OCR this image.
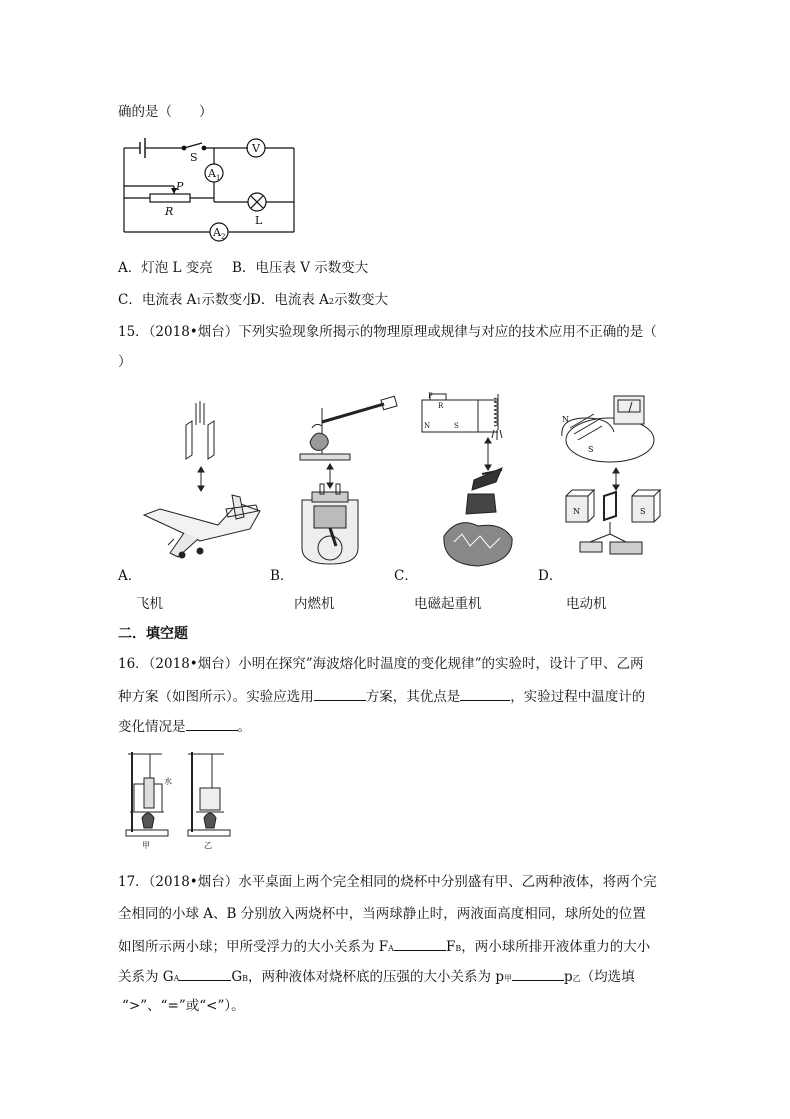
确的是（　　）
S
V
A 1
P
R
L
A 2
A．灯泡 L 变亮 B．电压表 V 示数变大
C．电流表 A1示数变小
D．电流表 A2示数变大
15．（2018•烟台）下列实验现象所揭示的物理原理或规律与对应的技术应用不正确的是（
）
A．
飞机
B．
内燃机
P
R
N	S
C．
电磁起重机
N
S
N	S
D．
电动机
二．填空题
16．（2018•烟台）小明在探究”海波熔化时温度的变化规律”的实验时，设计了甲、乙两
种方案（如图所示）。实验应选用	方案，其优点是	，实验过程中温度计的
变化情况是	。
水
甲	乙
17．（2018•烟台）水平桌面上两个完全相同的烧杯中分别盛有甲、乙两种液体，将两个完
全相同的小球 A、B 分别放入两烧杯中，当两球静止时，两液面高度相同，球所处的位置
如图所示两小球；甲所受浮力的大小关系为 FA	FB，两小球所排开液体重力的大小
关系为 GA	GB，两种液体对烧杯底的压强的大小关系为 p甲	p乙（均选填
“>”、“=”或“<”）。
